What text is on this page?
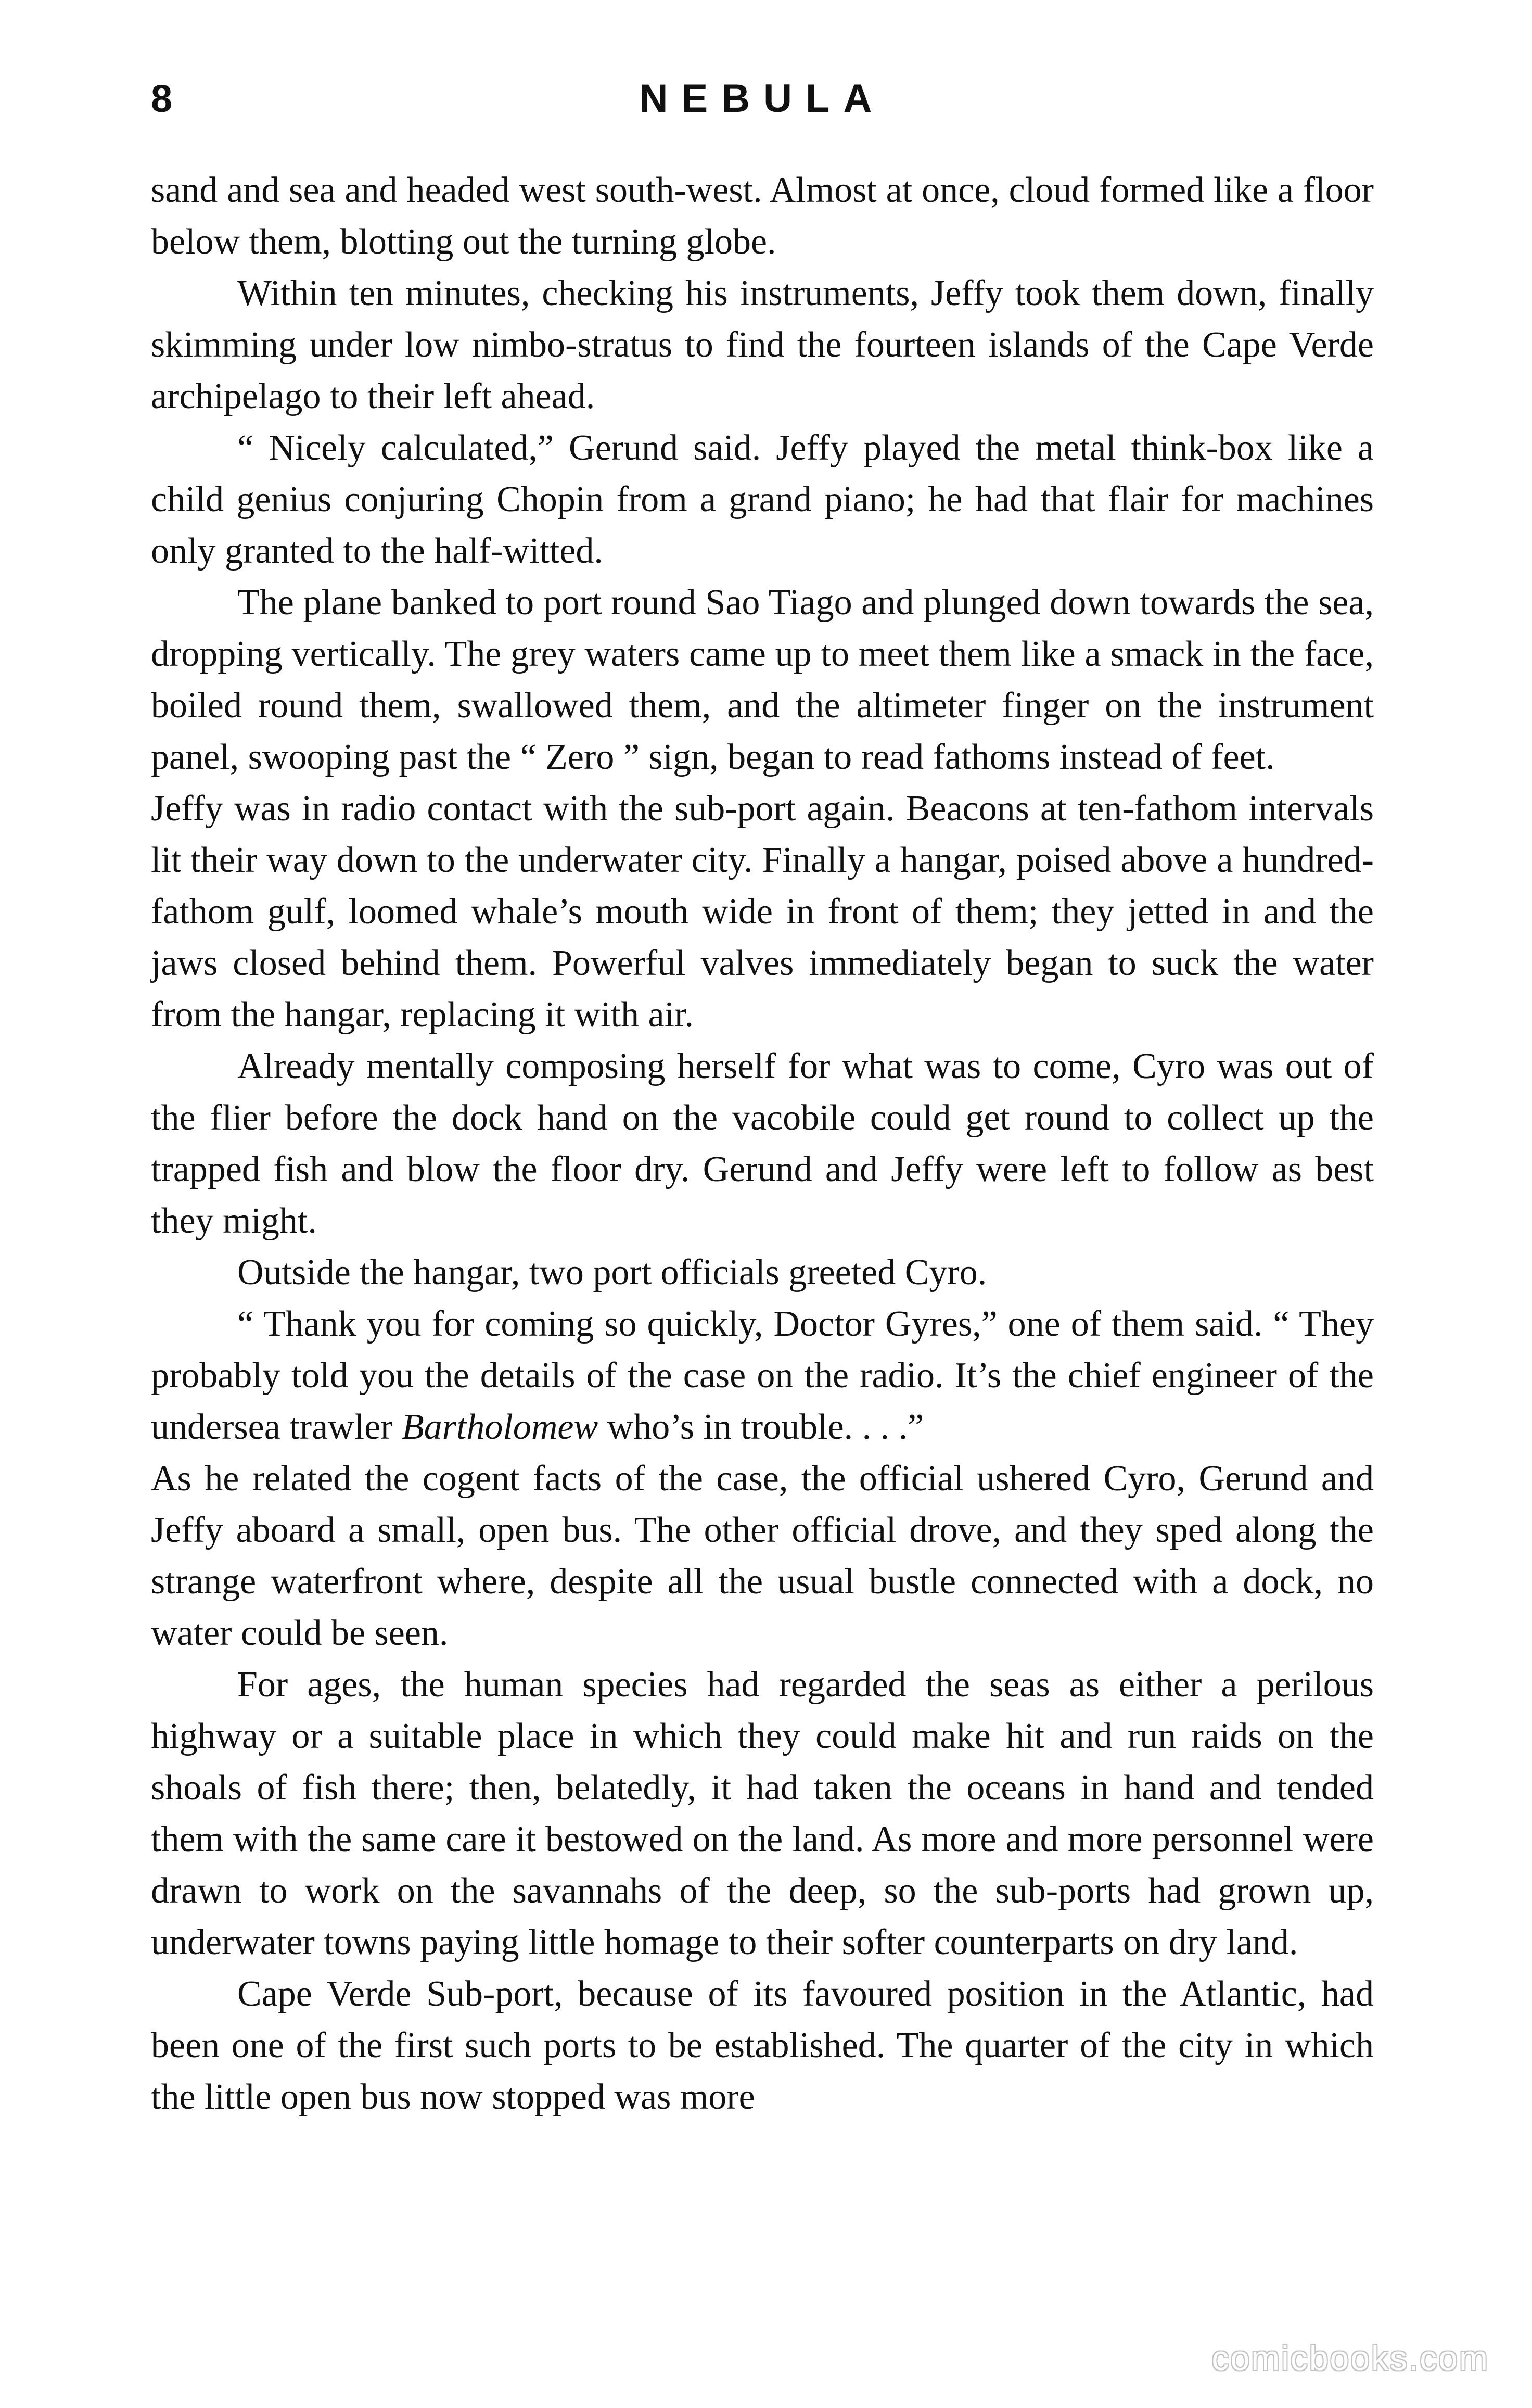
8	NEBULA

sand and sea and headed west south-west. Almost at once, cloud formed like a floor below them, blotting out the turning globe.

Within ten minutes, checking his instruments, Jeffy took them down, finally skimming under low nimbo-stratus to find the fourteen islands of the Cape Verde archipelago to their left ahead.

“ Nicely calculated,” Gerund said. Jeffy played the metal think-box like a child genius conjuring Chopin from a grand piano; he had that flair for machines only granted to the half-witted.

The plane banked to port round Sao Tiago and plunged down towards the sea, dropping vertically. The grey waters came up to meet them like a smack in the face, boiled round them, swallowed them, and the altimeter finger on the instrument panel, swooping past the “ Zero ” sign, began to read fathoms instead of feet.

Jeffy was in radio contact with the sub-port again. Beacons at ten-fathom intervals lit their way down to the underwater city. Finally a hangar, poised above a hundred-fathom gulf, loomed whale’s mouth wide in front of them; they jetted in and the jaws closed behind them. Powerful valves immediately began to suck the water from the hangar, replacing it with air.

Already mentally composing herself for what was to come, Cyro was out of the flier before the dock hand on the vacobile could get round to collect up the trapped fish and blow the floor dry. Gerund and Jeffy were left to follow as best they might.

Outside the hangar, two port officials greeted Cyro.

“ Thank you for coming so quickly, Doctor Gyres,” one of them said. “ They probably told you the details of the case on the radio. It’s the chief engineer of the undersea trawler Bartholomew who’s in trouble. . . .”

As he related the cogent facts of the case, the official ushered Cyro, Gerund and Jeffy aboard a small, open bus. The other official drove, and they sped along the strange waterfront where, despite all the usual bustle connected with a dock, no water could be seen.

For ages, the human species had regarded the seas as either a perilous highway or a suitable place in which they could make hit and run raids on the shoals of fish there; then, belatedly, it had taken the oceans in hand and tended them with the same care it bestowed on the land. As more and more personnel were drawn to work on the savannahs of the deep, so the sub-ports had grown up, underwater towns paying little homage to their softer counterparts on dry land.

Cape Verde Sub-port, because of its favoured position in the Atlantic, had been one of the first such ports to be established. The quarter of the city in which the little open bus now stopped was more

comicbooks.com
